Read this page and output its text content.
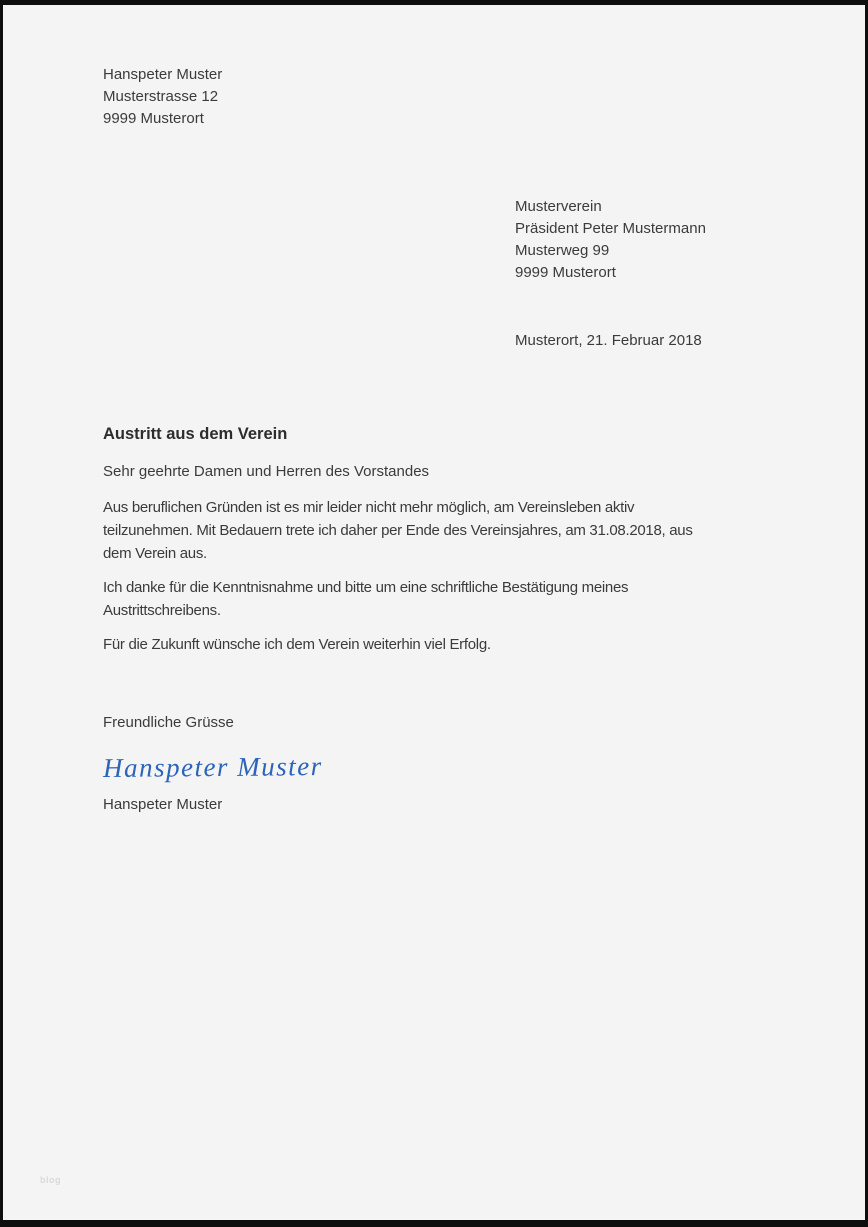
Hanspeter Muster
Musterstrasse 12
9999 Musterort
Musterverein
Präsident Peter Mustermann
Musterweg 99
9999 Musterort
Musterort, 21. Februar 2018
Austritt aus dem Verein
Sehr geehrte Damen und Herren des Vorstandes
Aus beruflichen Gründen ist es mir leider nicht mehr möglich, am Vereinsleben aktiv
teilzunehmen. Mit Bedauern trete ich daher per Ende des Vereinsjahres, am 31.08.2018, aus
dem Verein aus.
Ich danke für die Kenntnisnahme und bitte um eine schriftliche Bestätigung meines
Austrittschreibens.
Für die Zukunft wünsche ich dem Verein weiterhin viel Erfolg.
Freundliche Grüsse
Hanspeter Muster
Hanspeter Muster
blog
